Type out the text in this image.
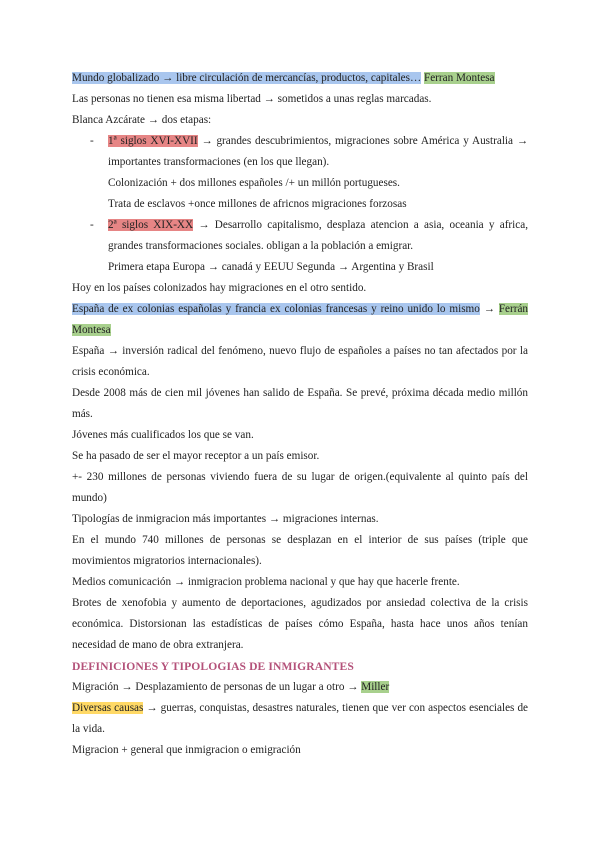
Mundo globalizado → libre circulación de mercancías, productos, capitales… Ferran Montesa

Las personas no tienen esa misma libertad → sometidos a unas reglas marcadas.

Blanca Azcárate → dos etapas:

- 1ª siglos XVI-XVII → grandes descubrimientos, migraciones sobre América y Australia → importantes transformaciones (en los que llegan).

Colonización + dos millones españoles /+ un millón portugueses.

Trata de esclavos +once millones de africnos migraciones forzosas

- 2ª siglos XIX-XX → Desarrollo capitalismo, desplaza atencion a asia, oceania y africa, grandes transformaciones sociales. obligan a la población a emigrar.

Primera etapa Europa → canadá y EEUU Segunda → Argentina y Brasil

Hoy en los países colonizados hay migraciones en el otro sentido.

España de ex colonias españolas y francia ex colonias francesas y reino unido lo mismo → Ferrán Montesa

España → inversión radical del fenómeno, nuevo flujo de españoles a países no tan afectados por la crisis económica.

Desde 2008 más de cien mil jóvenes han salido de España. Se prevé, próxima década medio millón más.

Jóvenes más cualificados los que se van.

Se ha pasado de ser el mayor receptor a un país emisor.

+- 230 millones de personas viviendo fuera de su lugar de origen.(equivalente al quinto país del mundo)

Tipologías de inmigracion más importantes → migraciones internas.

En el mundo 740 millones de personas se desplazan en el interior de sus países (triple que movimientos migratorios internacionales).

Medios comunicación → inmigracion problema nacional y que hay que hacerle frente.

Brotes de xenofobia y aumento de deportaciones, agudizados por ansiedad colectiva de la crisis económica. Distorsionan las estadísticas de países cómo España, hasta hace unos años tenían necesidad de mano de obra extranjera.

DEFINICIONES Y TIPOLOGIAS DE INMIGRANTES

Migración → Desplazamiento de personas de un lugar a otro → Miller

Diversas causas → guerras, conquistas, desastres naturales, tienen que ver con aspectos esenciales de la vida.

Migracion + general que inmigracion o emigración
